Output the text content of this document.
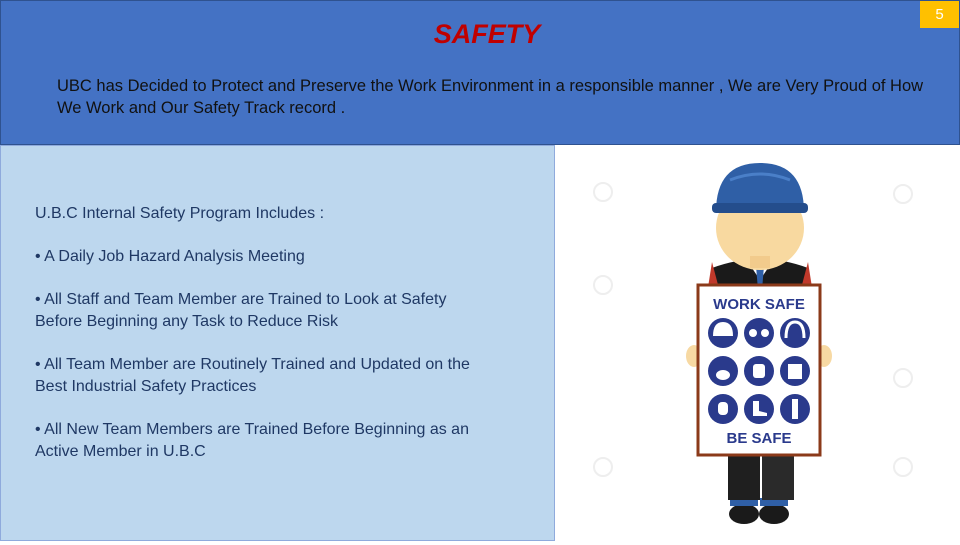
SAFETY
UBC has Decided to Protect and Preserve the Work Environment in a responsible manner , We are Very Proud of How We Work and Our Safety Track record .
5

U.B.C Internal Safety Program Includes :

• A Daily Job Hazard Analysis Meeting

• All Staff and Team Member are Trained to Look at Safety Before Beginning any Task to Reduce Risk

• All Team Member are Routinely Trained and Updated on the Best Industrial Safety Practices

• All New Team Members are Trained Before Beginning as an Active Member in U.B.C

WORK SAFE
BE SAFE
